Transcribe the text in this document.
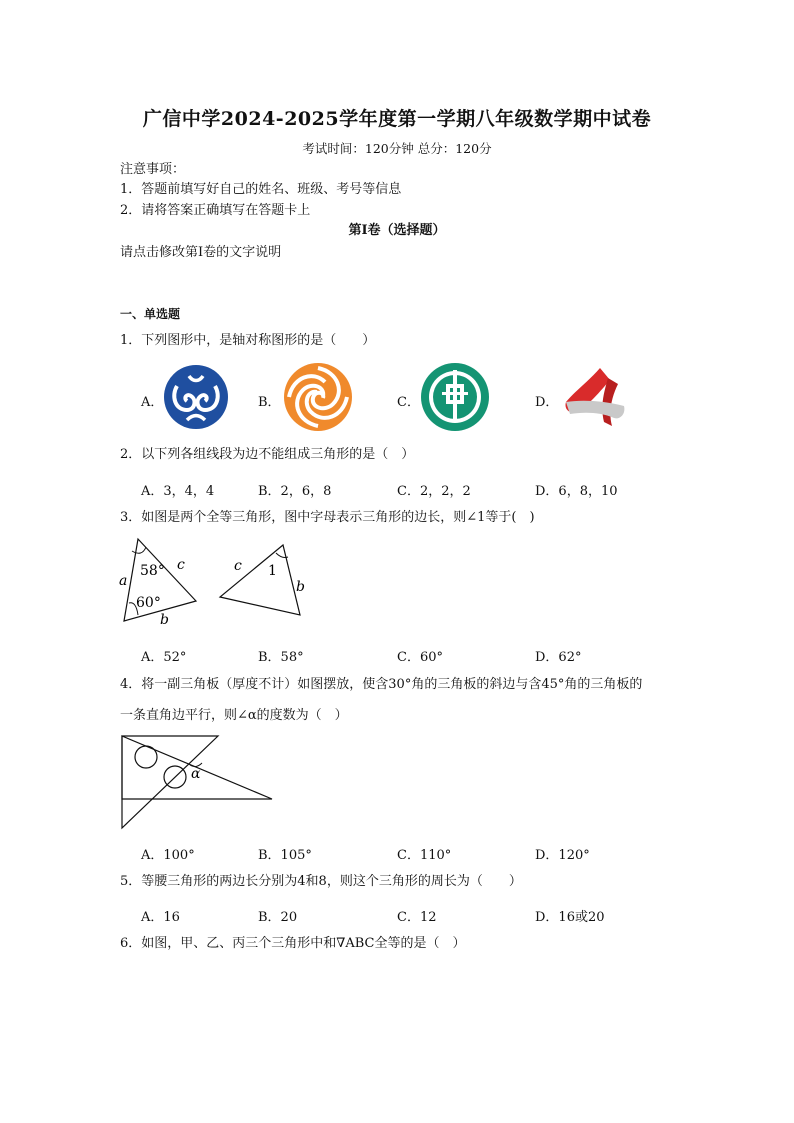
广信中学2024-2025学年度第一学期八年级数学期中试卷
考试时间：120分钟 总分：120分
注意事项：
1．答题前填写好自己的姓名、班级、考号等信息
2．请将答案正确填写在答题卡上
第I卷（选择题）
请点击修改第I卷的文字说明
一、单选题
1．下列图形中，是轴对称图形的是（　　）
A．	B．	C．	D．
2．以下列各组线段为边不能组成三角形的是（　）
A．3，4，4	B．2，6，8	C．2，2，2	D．6，8，10
3．如图是两个全等三角形，图中字母表示三角形的边长，则∠1等于(　)
58°
60°
a
c
b
1
c
b
A．52°	B．58°	C．60°	D．62°
4．将一副三角板（厚度不计）如图摆放，使含30°角的三角板的斜边与含45°角的三角板的
一条直角边平行，则∠α的度数为（　）
α
A．100°	B．105°	C．110°	D．120°
5．等腰三角形的两边长分别为4和8，则这个三角形的周长为（　　）
A．16	B．20	C．12	D．16或20
6．如图，甲、乙、丙三个三角形中和∇ABC全等的是（　）
